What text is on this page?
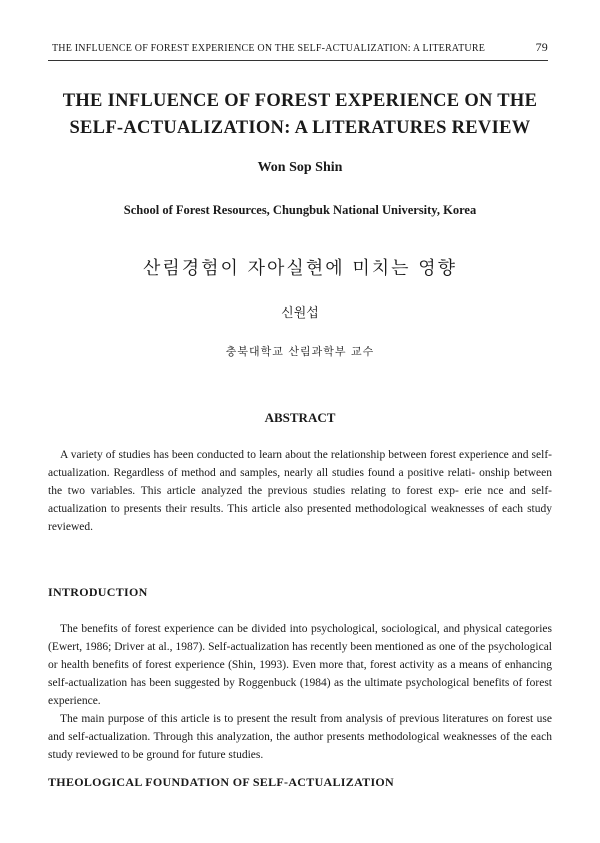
THE INFLUENCE OF FOREST EXPERIENCE ON THE SELF-ACTUALIZATION: A LITERATURE	79
THE INFLUENCE OF FOREST EXPERIENCE ON THE
SELF-ACTUALIZATION: A LITERATURES REVIEW
Won Sop Shin
School of Forest Resources, Chungbuk National University, Korea
산림경험이 자아실현에 미치는 영향
신원섭
충북대학교 산림과학부 교수
ABSTRACT

A variety of studies has been conducted to learn about the relationship between forest experience and self-actualization. Regardless of method and samples, nearly all studies found a positive relati- onship between the two variables. This article analyzed the previous studies relating to forest exp- erie nce and self-actualization to presents their results. This article also presented methodological weaknesses of each study reviewed.

INTRODUCTION

The benefits of forest experience can be divided into psychological, sociological, and physical categories (Ewert, 1986; Driver at al., 1987). Self-actualization has recently been mentioned as one of the psychological or health benefits of forest experience (Shin, 1993). Even more that, forest activity as a means of enhancing self-actualization has been suggested by Roggenbuck (1984) as the ultimate psychological benefits of forest experience.

The main purpose of this article is to present the result from analysis of previous literatures on forest use and self-actualization. Through this analyzation, the author presents methodological weaknesses of the each study reviewed to be ground for future studies.

THEOLOGICAL FOUNDATION OF SELF-ACTUALIZATION
